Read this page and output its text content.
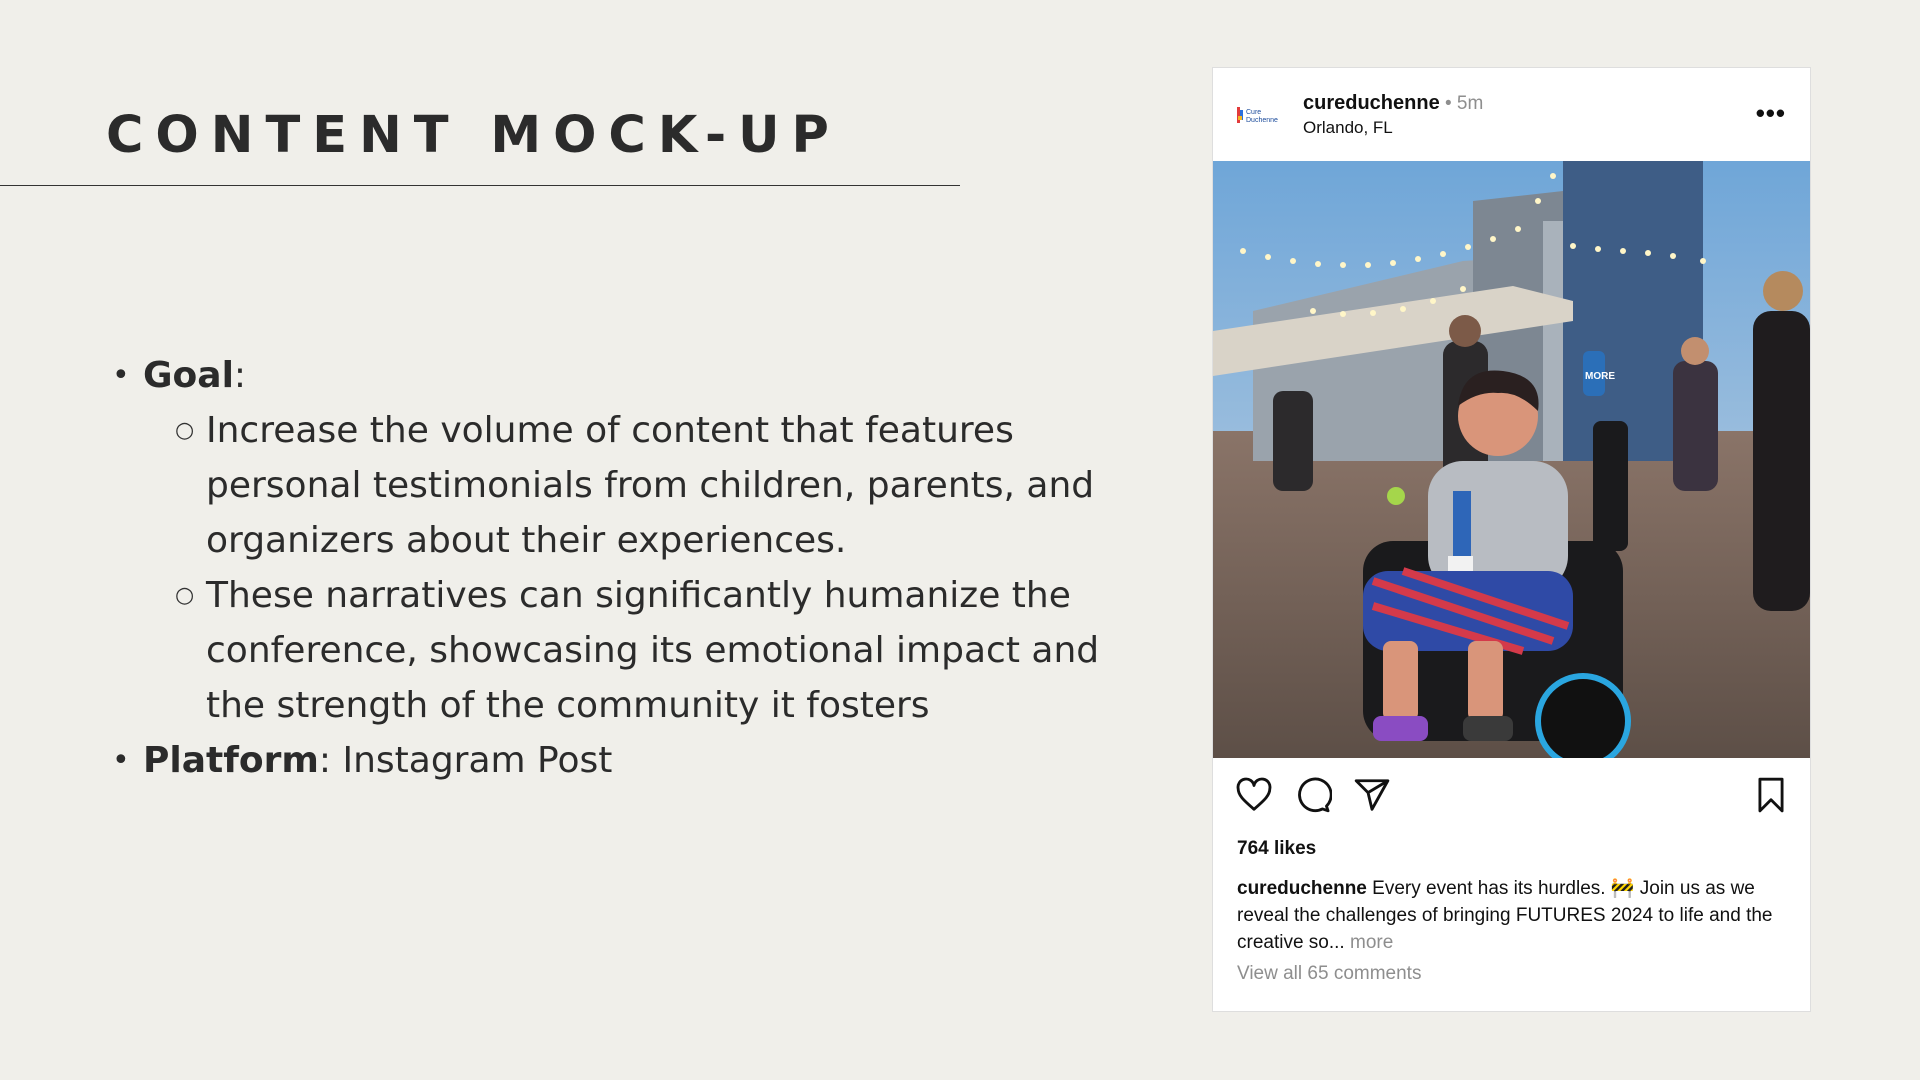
CONTENT MOCK-UP
• Goal:
○ Increase the volume of content that features personal testimonials from children, parents, and organizers about their experiences.
○ These narratives can significantly humanize the conference, showcasing its emotional impact and the strength of the community it fosters
• Platform: Instagram Post
Cure
Duchenne
cureduchenne • 5m
Orlando, FL	•••
MORE
764 likes
cureduchenne Every event has its hurdles. 🚧 Join us as we reveal the challenges of bringing FUTURES 2024 to life and the creative so... more
View all 65 comments
